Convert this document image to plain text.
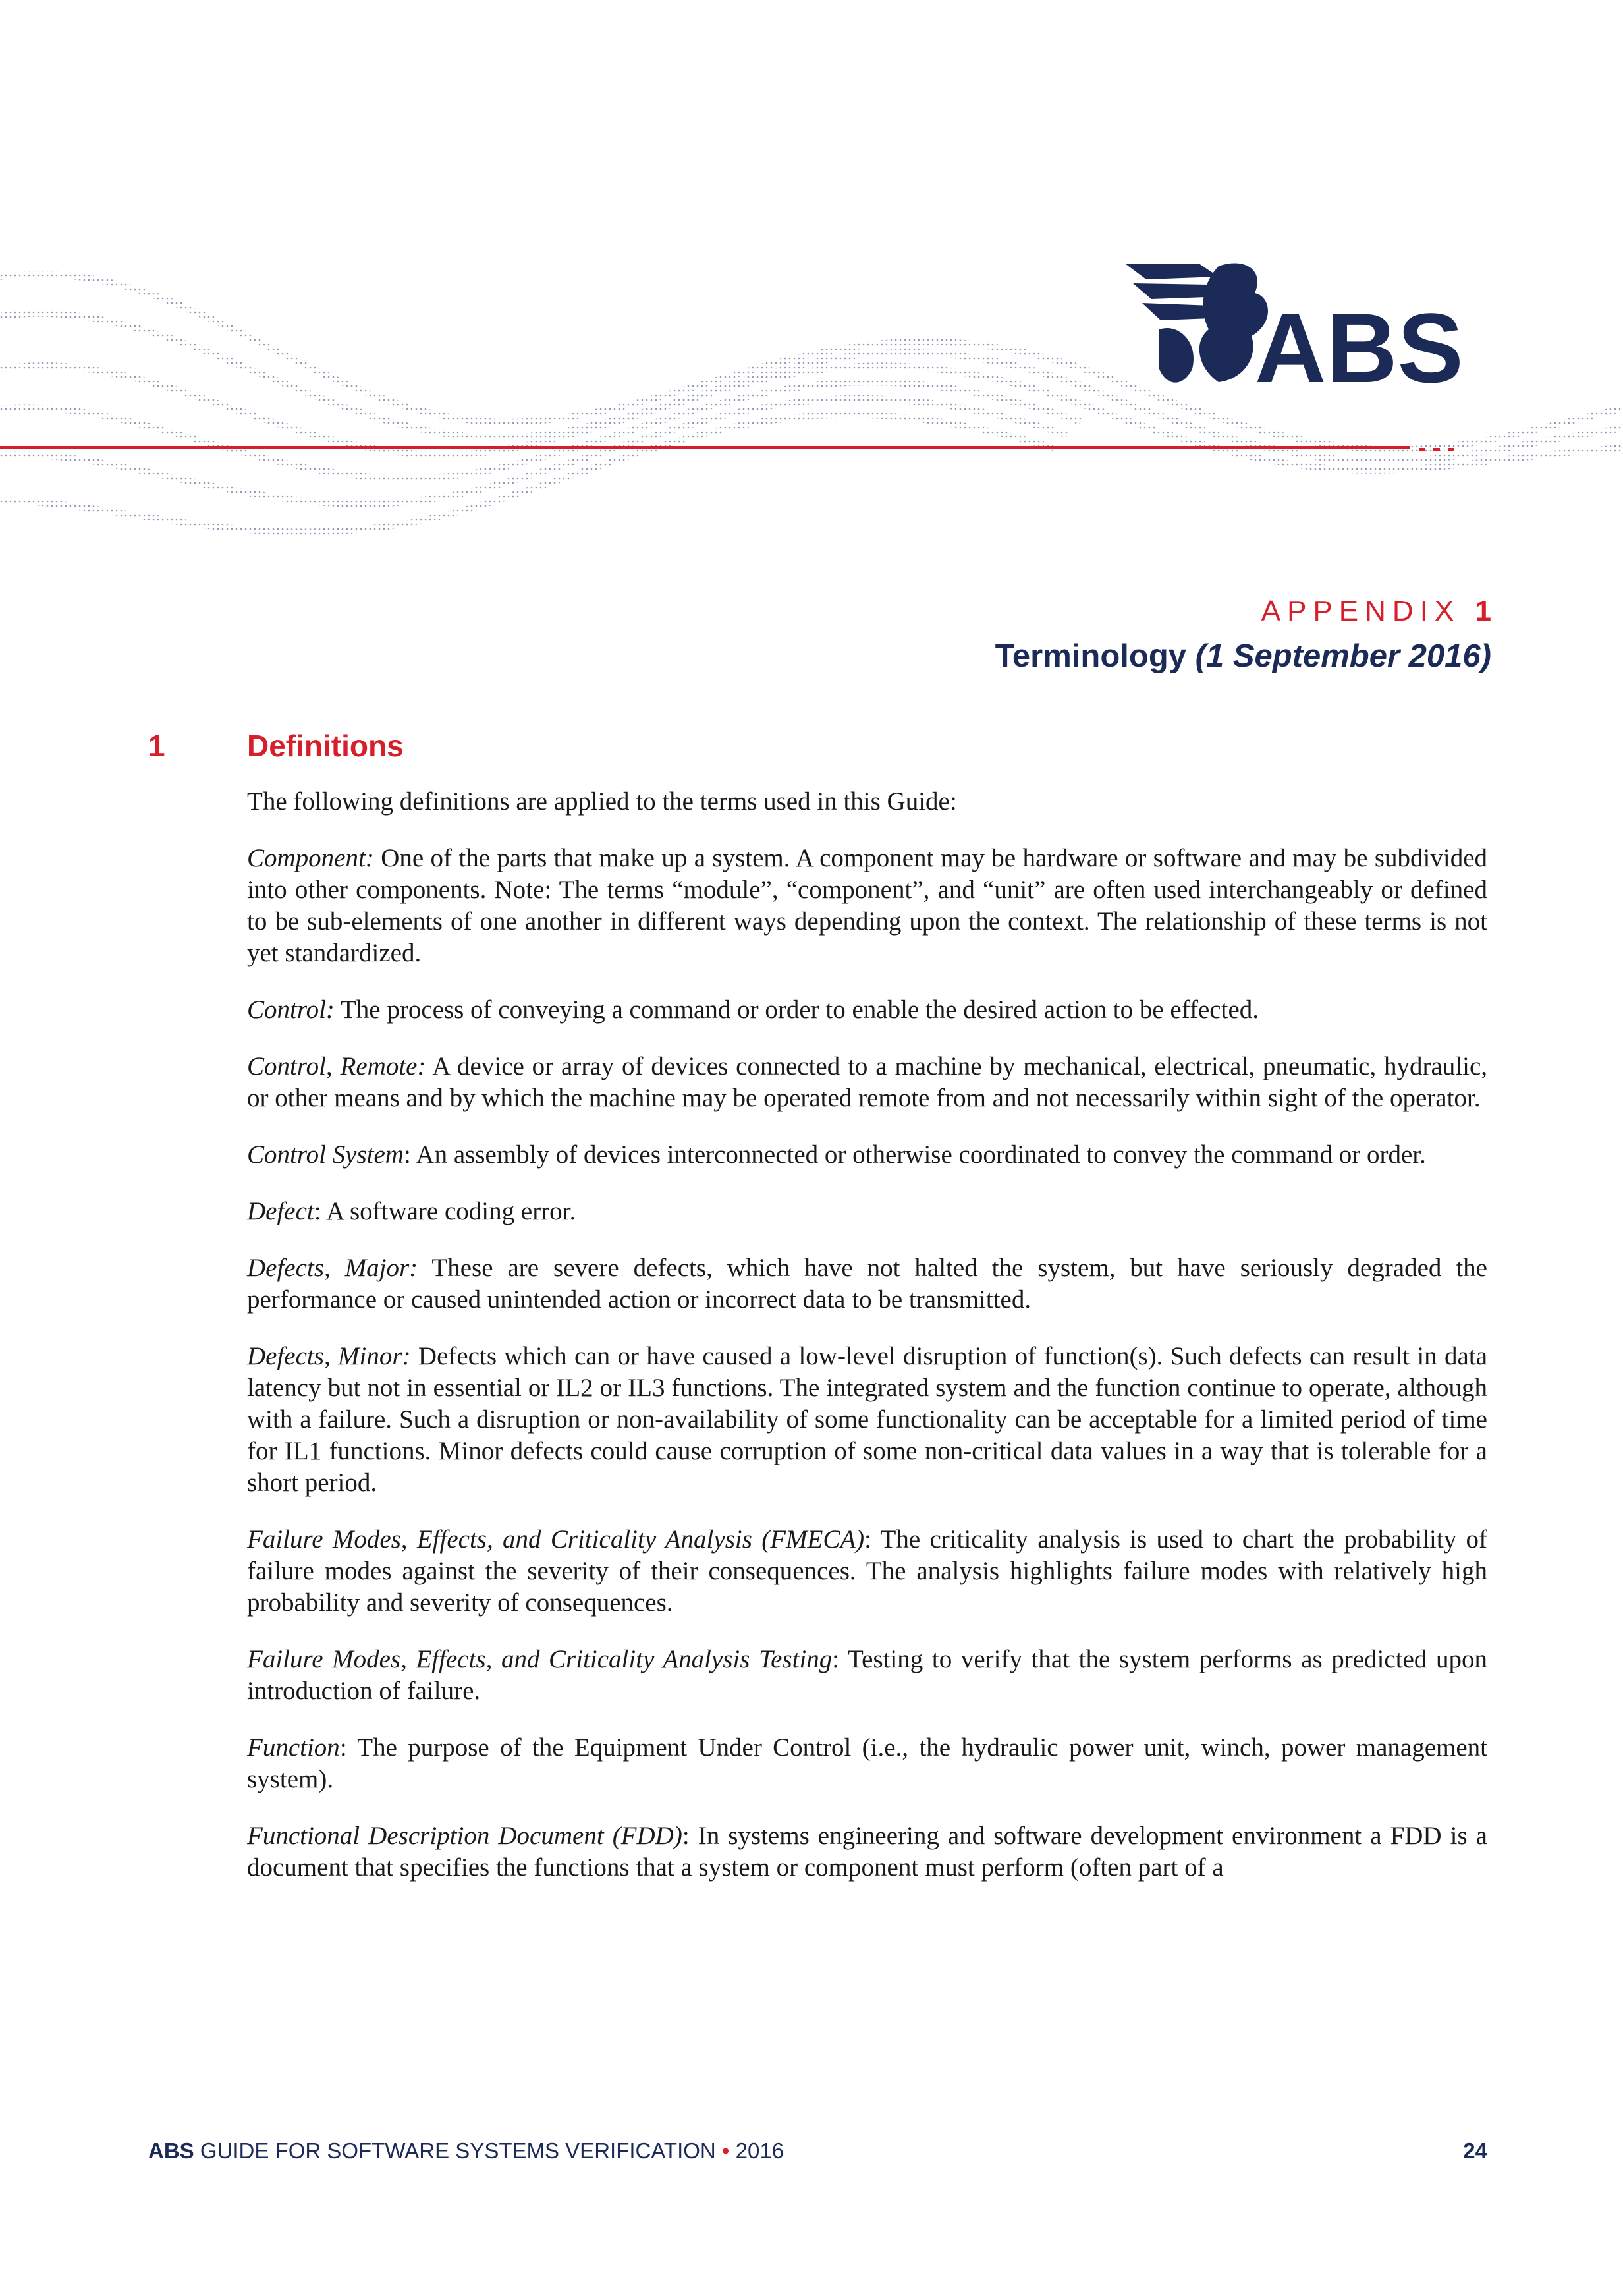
ABS
APPENDIX 1
Terminology (1 September 2016)
1	Definitions

The following definitions are applied to the terms used in this Guide:

Component: One of the parts that make up a system. A component may be hardware or software and may be subdivided into other components. Note: The terms “module”, “component”, and “unit” are often used interchangeably or defined to be sub-elements of one another in different ways depending upon the context. The relationship of these terms is not yet standardized.

Control: The process of conveying a command or order to enable the desired action to be effected.

Control, Remote: A device or array of devices connected to a machine by mechanical, electrical, pneumatic, hydraulic, or other means and by which the machine may be operated remote from and not necessarily within sight of the operator.

Control System: An assembly of devices interconnected or otherwise coordinated to convey the command or order.

Defect: A software coding error.

Defects, Major: These are severe defects, which have not halted the system, but have seriously degraded the performance or caused unintended action or incorrect data to be transmitted.

Defects, Minor: Defects which can or have caused a low-level disruption of function(s). Such defects can result in data latency but not in essential or IL2 or IL3 functions. The integrated system and the function continue to operate, although with a failure. Such a disruption or non-availability of some functionality can be acceptable for a limited period of time for IL1 functions. Minor defects could cause corruption of some non-critical data values in a way that is tolerable for a short period.

Failure Modes, Effects, and Criticality Analysis (FMECA): The criticality analysis is used to chart the probability of failure modes against the severity of their consequences. The analysis highlights failure modes with relatively high probability and severity of consequences.

Failure Modes, Effects, and Criticality Analysis Testing: Testing to verify that the system performs as predicted upon introduction of failure.

Function: The purpose of the Equipment Under Control (i.e., the hydraulic power unit, winch, power management system).

Functional Description Document (FDD): In systems engineering and software development environment a FDD is a document that specifies the functions that a system or component must perform (often part of a

ABS GUIDE FOR SOFTWARE SYSTEMS VERIFICATION • 2016	24
